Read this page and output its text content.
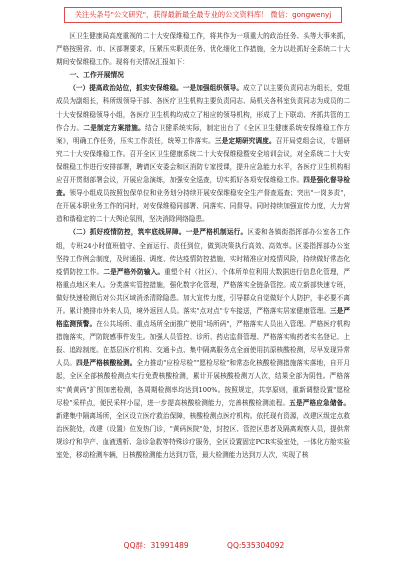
关注头条号"公文研究"，获得最新最全最专业的公文资料库！ 微信：gongwenyj

区卫生健康局高度重视的二十大安保维稳工作，将其作为一项重大的政治任务、头等大事来抓，严格按照省、市、区部署要求，压紧压实职责任务、优化细化工作措施，全力以赴抓好全系统二十大期间安保维稳工作。现将有关情况汇报如下：

一、工作开展情况

（一）提高政治站位，抓实安保维稳。一是加强组织领导。成立了以主要负责同志为组长，党组成员为副组长，科所级领导干部、各医疗卫生机构主要负责同志、局机关各科室负责同志为成员的二十大安保维稳领导小组，各医疗卫生机构均成立了相应的领导机构，形成了上下联动、齐抓共管的工作合力。二是制定方案措施。结合卫健系统实际，制定出台了《全区卫生健康系统安保维稳工作方案》，明确工作任务，压实工作责任，统筹工作落实。三是定期研究调度。召开局党组会议，专题研究二十大安保维稳工作。召开全区卫生健康系统二十大安保维稳暨安全培训会议，对全系统二十大安保维稳工作进行安排部署，聘请区安委会和区消防专家授课，提升应急能力水平，各医疗卫生机构相应召开贯彻部署会议，开展应急演练，加强安全巡查，切实抓好各项安保维稳工作。四是强化督导检查。领导小组成员按照包保单位和业务划分持续开展安保维稳安全生产督查巡查；突出"一岗多责"，在开展本职业务工作的同时，对安保维稳同部署、同落实、同督导。同时持续加强宣传力度，大力营造和谐稳定的二十大舆论氛围，坚决消除网络隐患。

（二）抓好疫情防控，筑牢底线屏障。一是严格机制运行。区委和各镇街指挥部办公室各工作组，专班24小时值班值守、全面运行、责任到位，做到决策执行高效、高效率。区委指挥部办公室坚持工作例会制度，及时通报、调度、传达疫情防控措施，实时精准应对疫情风险，持续做好常态化疫情防控工作。二是严格外防输入。重塑个村（社区）、个体所单位利用大数据进行信息化管理，严格重点地区来人。分类落实管控措施，强化数字化管理，严格落实全链条管控。成立新部快速专班，做好快速检测后对公共区域消杀清除隐患。加大宣传力度，引导群众自觉做好个人防护，非必要不离开。累计摸排市外来人员，境外返回人员。落实"点对点"专车接送，严格落实居家健康管理。三是严格监测预警。在公共场所、重点场所全面推广使用"场所码"，严格落实人员出入管理。严格医疗机构措施落实，严防院感事件发生。加强人员管控、诊所、药店监督管理、严格落实购药者实名登记、上报、追踪制度。在基层医疗机构、交通卡点、集中隔离服务点全面使用抗原核酸检测，尽早发现异常人员。四是严格核酸检测。全力推动"应检尽检""愿检尽检"和常态化核酸检测措施落实落地，自开月起，全区全部核酸检测点实行免费核酸检测，累计开展核酸检测万人次，结果全部为阴性。严格落实"黄黄码"扩围加密检测，各周期检测率均达到100%。按照规定，共享原则，重新调整设置"愿检尽检"采样点，便民采样小屋，进一步提高核酸检测能力，完善核酸检测流程。五是严格应急储备。新建集中隔离场所，全区设立医疗救治保障，核酸检测点医疗机构。依托现有资源，改建区级定点救治医院处，改建（设置）位发热门诊，"黄码医院"处，封控区、管控区患者及隔离观察人员，提供常规诊疗和孕产、血液透析、急诊急救等特殊诊疗服务，全区设置固定PCR实验室处，一体化方舱实验室处，移动检测车辆，日核酸检测能力达到万管，最大检测能力达到万人次，实现了核

QQ群：31991489	QQ:535304092
